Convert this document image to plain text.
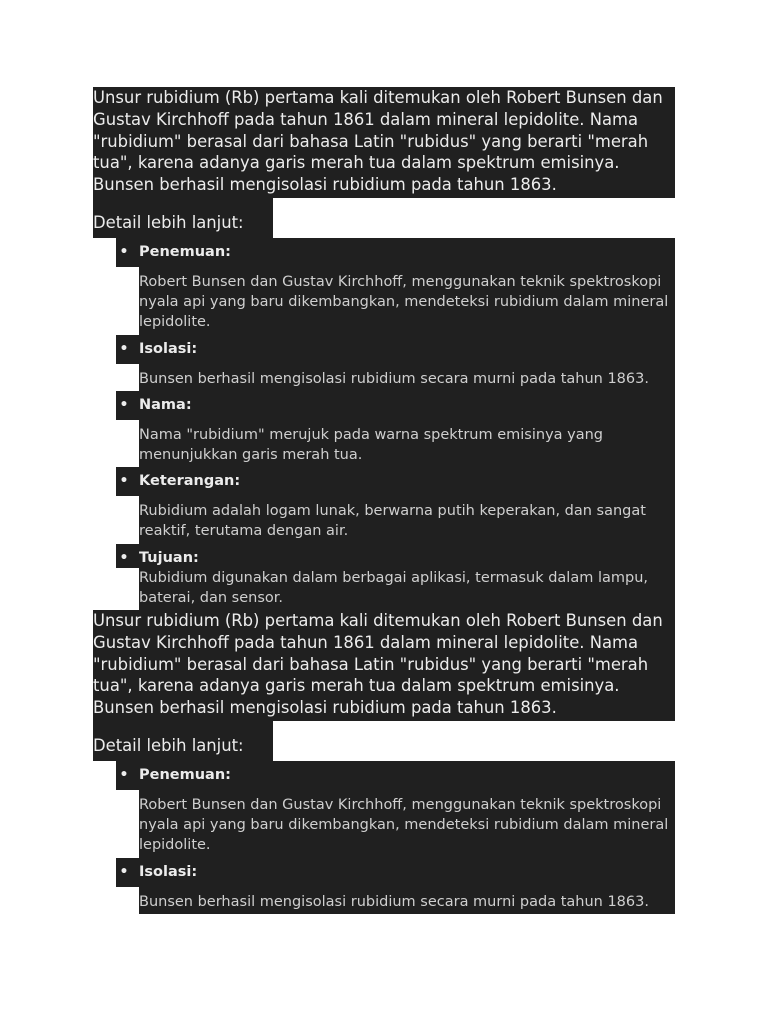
Unsur rubidium (Rb) pertama kali ditemukan oleh Robert Bunsen dan Gustav Kirchhoff pada tahun 1861 dalam mineral lepidolite. Nama "rubidium" berasal dari bahasa Latin "rubidus" yang berarti "merah tua", karena adanya garis merah tua dalam spektrum emisinya. Bunsen berhasil mengisolasi rubidium pada tahun 1863.

Detail lebih lanjut:

• Penemuan:
Robert Bunsen dan Gustav Kirchhoff, menggunakan teknik spektroskopi nyala api yang baru dikembangkan, mendeteksi rubidium dalam mineral lepidolite.
• Isolasi:
Bunsen berhasil mengisolasi rubidium secara murni pada tahun 1863.
• Nama:
Nama "rubidium" merujuk pada warna spektrum emisinya yang menunjukkan garis merah tua.
• Keterangan:
Rubidium adalah logam lunak, berwarna putih keperakan, dan sangat reaktif, terutama dengan air.
• Tujuan:
Rubidium digunakan dalam berbagai aplikasi, termasuk dalam lampu, baterai, dan sensor.

Unsur rubidium (Rb) pertama kali ditemukan oleh Robert Bunsen dan Gustav Kirchhoff pada tahun 1861 dalam mineral lepidolite. Nama "rubidium" berasal dari bahasa Latin "rubidus" yang berarti "merah tua", karena adanya garis merah tua dalam spektrum emisinya. Bunsen berhasil mengisolasi rubidium pada tahun 1863.

Detail lebih lanjut:

• Penemuan:
Robert Bunsen dan Gustav Kirchhoff, menggunakan teknik spektroskopi nyala api yang baru dikembangkan, mendeteksi rubidium dalam mineral lepidolite.
• Isolasi:
Bunsen berhasil mengisolasi rubidium secara murni pada tahun 1863.
